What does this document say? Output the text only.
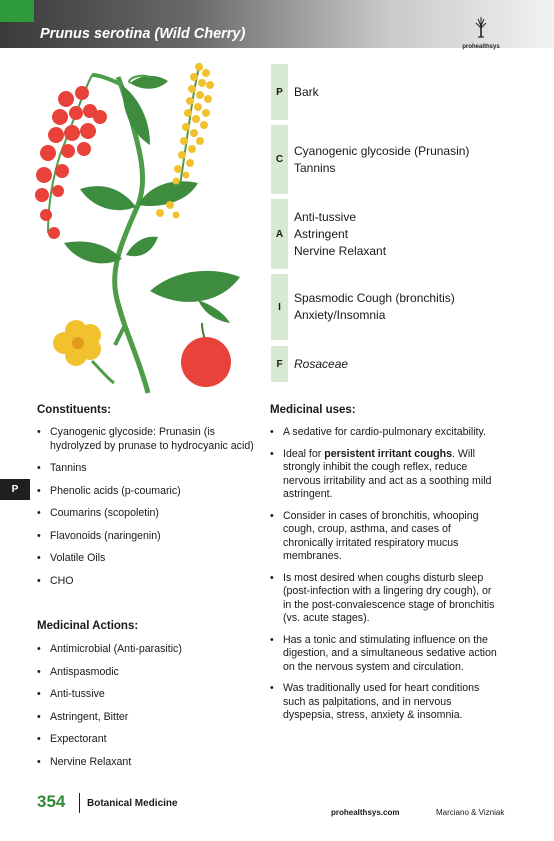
Prunus serotina (Wild Cherry)
prohealthsys
P Bark
C
Cyanogenic glycoside (Prunasin)
Tannins
A
Anti-tussive
Astringent
Nervine Relaxant
I
Spasmodic Cough (bronchitis)
Anxiety/Insomnia
F Rosaceae
P
Constituents:
• Cyanogenic glycoside: Prunasin (is hydrolyzed by prunase to hydrocyanic acid)
• Tannins
• Phenolic acids (p-coumaric)
• Coumarins (scopoletin)
• Flavonoids (naringenin)
• Volatile Oils
• CHO
Medicinal Actions:
• Antimicrobial (Anti-parasitic)
• Antispasmodic
• Anti-tussive
• Astringent, Bitter
• Expectorant
• Nervine Relaxant
Medicinal uses:
• A sedative for cardio-pulmonary excitability.
• Ideal for persistent irritant coughs. Will strongly inhibit the cough reflex, reduce nervous irritability and act as a soothing mild astringent.
• Consider in cases of bronchitis, whooping cough, croup, asthma, and cases of chronically irritated respiratory mucus membranes.
• Is most desired when coughs disturb sleep (post-infection with a lingering dry cough), or in the post-convalescence stage of bronchitis (vs. acute stages).
• Has a tonic and stimulating influence on the digestion, and a simultaneous sedative action on the nervous system and circulation.
• Was traditionally used for heart conditions such as palpitations, and in nervous dyspepsia, stress, anxiety & insomnia.
354 Botanical Medicine
prohealthsys.com	Marciano & Vizniak
